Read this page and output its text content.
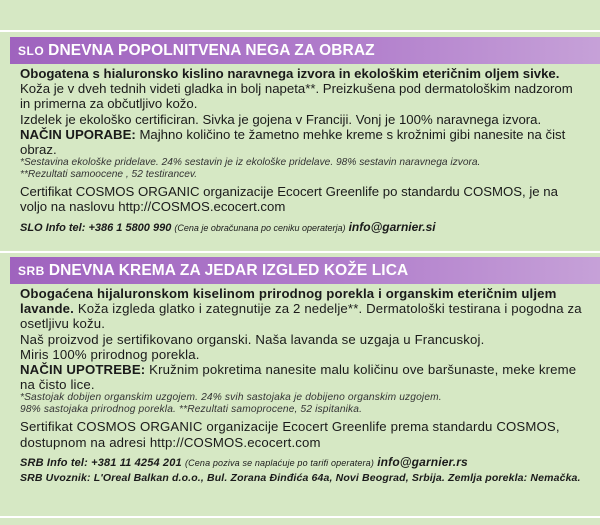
SLO DNEVNA POPOLNITVENA NEGA ZA OBRAZ

Obogatena s hialuronsko kislino naravnega izvora in ekološkim eteričnim oljem sivke. Koža je v dveh tednih videti gladka in bolj napeta**. Preizkušena pod dermatološkim nadzorom in primerna za občutljivo kožo.

Izdelek je ekološko certificiran. Sivka je gojena v Franciji. Vonj je 100% naravnega izvora.

NAČIN UPORABE: Majhno količino te žametno mehke kreme s krožnimi gibi nanesite na čist obraz.

*Sestavina ekološke pridelave. 24% sestavin je iz ekološke pridelave. 98% sestavin naravnega izvora.

**Rezultati samoocene , 52 testirancev.

Certifikat COSMOS ORGANIC organizacije Ecocert Greenlife po standardu COSMOS, je na voljo na naslovu http://COSMOS.ecocert.com

SLO Info tel: +386 1 5800 990 (Cena je obračunana po ceniku operaterja) info@garnier.si

SRB DNEVNA KREMA ZA JEDAR IZGLED KOŽE LICA

Obogaćena hijaluronskom kiselinom prirodnog porekla i organskim eteričnim uljem lavande. Koža izgleda glatko i zategnutije za 2 nedelje**. Dermatološki testirana i pogodna za osetljivu kožu.

Naš proizvod je sertifikovano organski. Naša lavanda se uzgaja u Francuskoj.

Miris 100% prirodnog porekla.

NAČIN UPOTREBE: Kružnim pokretima nanesite malu količinu ove baršunaste, meke kreme na čisto lice.

*Sastojak dobijen organskim uzgojem. 24% svih sastojaka je dobijeno organskim uzgojem.

98% sastojaka prirodnog porekla. **Rezultati samoprocene, 52 ispitanika.

Sertifikat COSMOS ORGANIC organizacije Ecocert Greenlife prema standardu COSMOS, dostupnom na adresi http://COSMOS.ecocert.com

SRB Info tel: +381 11 4254 201 (Cena poziva se naplaćuje po tarifi operatera) info@garnier.rs

SRB Uvoznik: L'Oreal Balkan d.o.o., Bul. Zorana Đinđića 64a, Novi Beograd, Srbija. Zemlja porekla: Nemačka.
